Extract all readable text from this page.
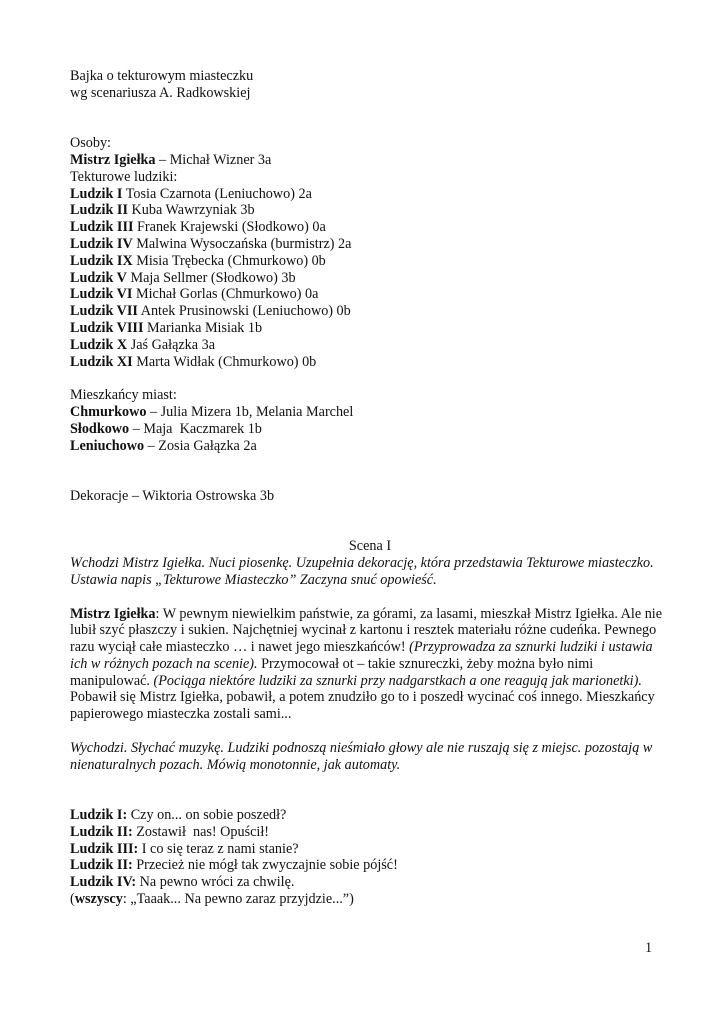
Bajka o tekturowym miasteczku
wg scenariusza A. Radkowskiej
Osoby:
Mistrz Igiełka – Michał Wizner 3a
Tekturowe ludziki:
Ludzik I Tosia Czarnota (Leniuchowo) 2a
Ludzik II Kuba Wawrzyniak 3b
Ludzik III Franek Krajewski (Słodkowo) 0a
Ludzik IV Malwina Wysoczańska (burmistrz) 2a
Ludzik IX Misia Trębecka (Chmurkowo) 0b
Ludzik V Maja Sellmer (Słodkowo) 3b
Ludzik VI Michał Gorlas (Chmurkowo) 0a
Ludzik VII Antek Prusinowski (Leniuchowo) 0b
Ludzik VIII Marianka Misiak 1b
Ludzik X Jaś Gałązka 3a
Ludzik XI Marta Widłak (Chmurkowo) 0b
Mieszkańcy miast:
Chmurkowo – Julia Mizera 1b, Melania Marchel
Słodkowo – Maja  Kaczmarek 1b
Leniuchowo – Zosia Gałązka 2a
Dekoracje – Wiktoria Ostrowska 3b
Scena I
Wchodzi Mistrz Igiełka. Nuci piosenkę. Uzupełnia dekorację, która przedstawia Tekturowe miasteczko. Ustawia napis „Tekturowe Miasteczko” Zaczyna snuć opowieść.
Mistrz Igiełka: W pewnym niewielkim państwie, za górami, za lasami, mieszkał Mistrz Igiełka. Ale nie lubił szyć płaszczy i sukien. Najchętniej wycinał z kartonu i resztek materiału różne cudeńka. Pewnego razu wyciął całe miasteczko … i nawet jego mieszkańców! (Przyprowadza za sznurki ludziki i ustawia ich w różnych pozach na scenie). Przymocował ot – takie sznureczki, żeby można było nimi manipulować. (Pociąga niektóre ludziki za sznurki przy nadgarstkach a one reagują jak marionetki). Pobawił się Mistrz Igiełka, pobawił, a potem znudziło go to i poszedł wycinać coś innego. Mieszkańcy papierowego miasteczka zostali sami...
Wychodzi. Słychać muzykę. Ludziki podnoszą nieśmiało głowy ale nie ruszają się z miejsc. pozostają w nienaturalnych pozach. Mówią monotonnie, jak automaty.
Ludzik I: Czy on... on sobie poszedł?
Ludzik II: Zostawił  nas! Opuścił!
Ludzik III: I co się teraz z nami stanie?
Ludzik II: Przecież nie mógł tak zwyczajnie sobie pójść!
Ludzik IV: Na pewno wróci za chwilę.
(wszyscy: „Taaak... Na pewno zaraz przyjdzie...”)
1
